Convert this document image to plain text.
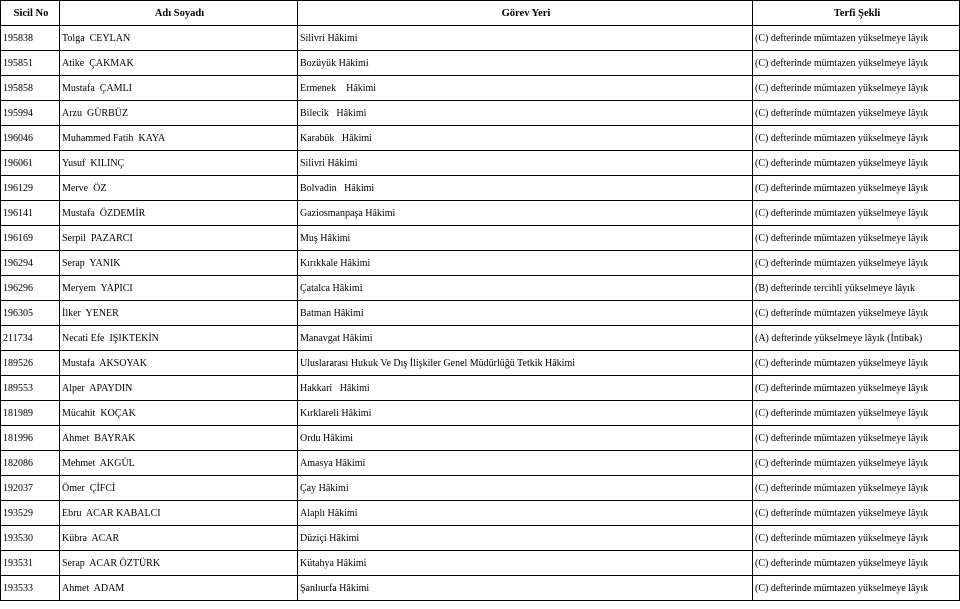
Sicil No	Adı Soyadı	Görev Yeri	Terfi Şekli
195838	Tolga  CEYLAN	Silivri Hâkimi	(C) defterinde mümtazen yükselmeye lâyık
195851	Atike  ÇAKMAK	Bozüyük Hâkimi	(C) defterinde mümtazen yükselmeye lâyık
195858	Mustafa  ÇAMLI	Ermenek    Hâkimi	(C) defterinde mümtazen yükselmeye lâyık
195994	Arzu  GÜRBÜZ	Bilecik   Hâkimi	(C) defterinde mümtazen yükselmeye lâyık
196046	Muhammed Fatih  KAYA	Karabük   Hâkimi	(C) defterinde mümtazen yükselmeye lâyık
196061	Yusuf  KILINÇ	Silivri Hâkimi	(C) defterinde mümtazen yükselmeye lâyık
196129	Merve  ÖZ	Bolvadin   Hâkimi	(C) defterinde mümtazen yükselmeye lâyık
196141	Mustafa  ÖZDEMİR	Gaziosmanpaşa Hâkimi	(C) defterinde mümtazen yükselmeye lâyık
196169	Serpil  PAZARCI	Muş Hâkimi	(C) defterinde mümtazen yükselmeye lâyık
196294	Serap  YANIK	Kırıkkale Hâkimi	(C) defterinde mümtazen yükselmeye lâyık
196296	Meryem  YAPICI	Çatalca Hâkimi	(B) defterinde tercihli yükselmeye lâyık
196305	İlker  YENER	Batman Hâkimi	(C) defterinde mümtazen yükselmeye lâyık
211734	Necati Efe  IŞIKTEKİN	Manavgat Hâkimi	(A) defterinde yükselmeye lâyık (İntibak)
189526	Mustafa  AKSOYAK	Uluslararası Hukuk Ve Dış İlişkiler Genel Müdürlüğü Tetkik Hâkimi	(C) defterinde mümtazen yükselmeye lâyık
189553	Alper  APAYDIN	Hakkari   Hâkimi	(C) defterinde mümtazen yükselmeye lâyık
181989	Mücahit  KOÇAK	Kırklareli Hâkimi	(C) defterinde mümtazen yükselmeye lâyık
181996	Ahmet  BAYRAK	Ordu Hâkimi	(C) defterinde mümtazen yükselmeye lâyık
182086	Mehmet  AKGÜL	Amasya Hâkimi	(C) defterinde mümtazen yükselmeye lâyık
192037	Ömer  ÇİFCİ	Çay Hâkimi	(C) defterinde mümtazen yükselmeye lâyık
193529	Ebru  ACAR KABALCI	Alaplı Hâkimi	(C) defterinde mümtazen yükselmeye lâyık
193530	Kübra  ACAR	Düziçi Hâkimi	(C) defterinde mümtazen yükselmeye lâyık
193531	Serap  ACAR ÖZTÜRK	Kütahya Hâkimi	(C) defterinde mümtazen yükselmeye lâyık
193533	Ahmet  ADAM	Şanlıurfa Hâkimi	(C) defterinde mümtazen yükselmeye lâyık
